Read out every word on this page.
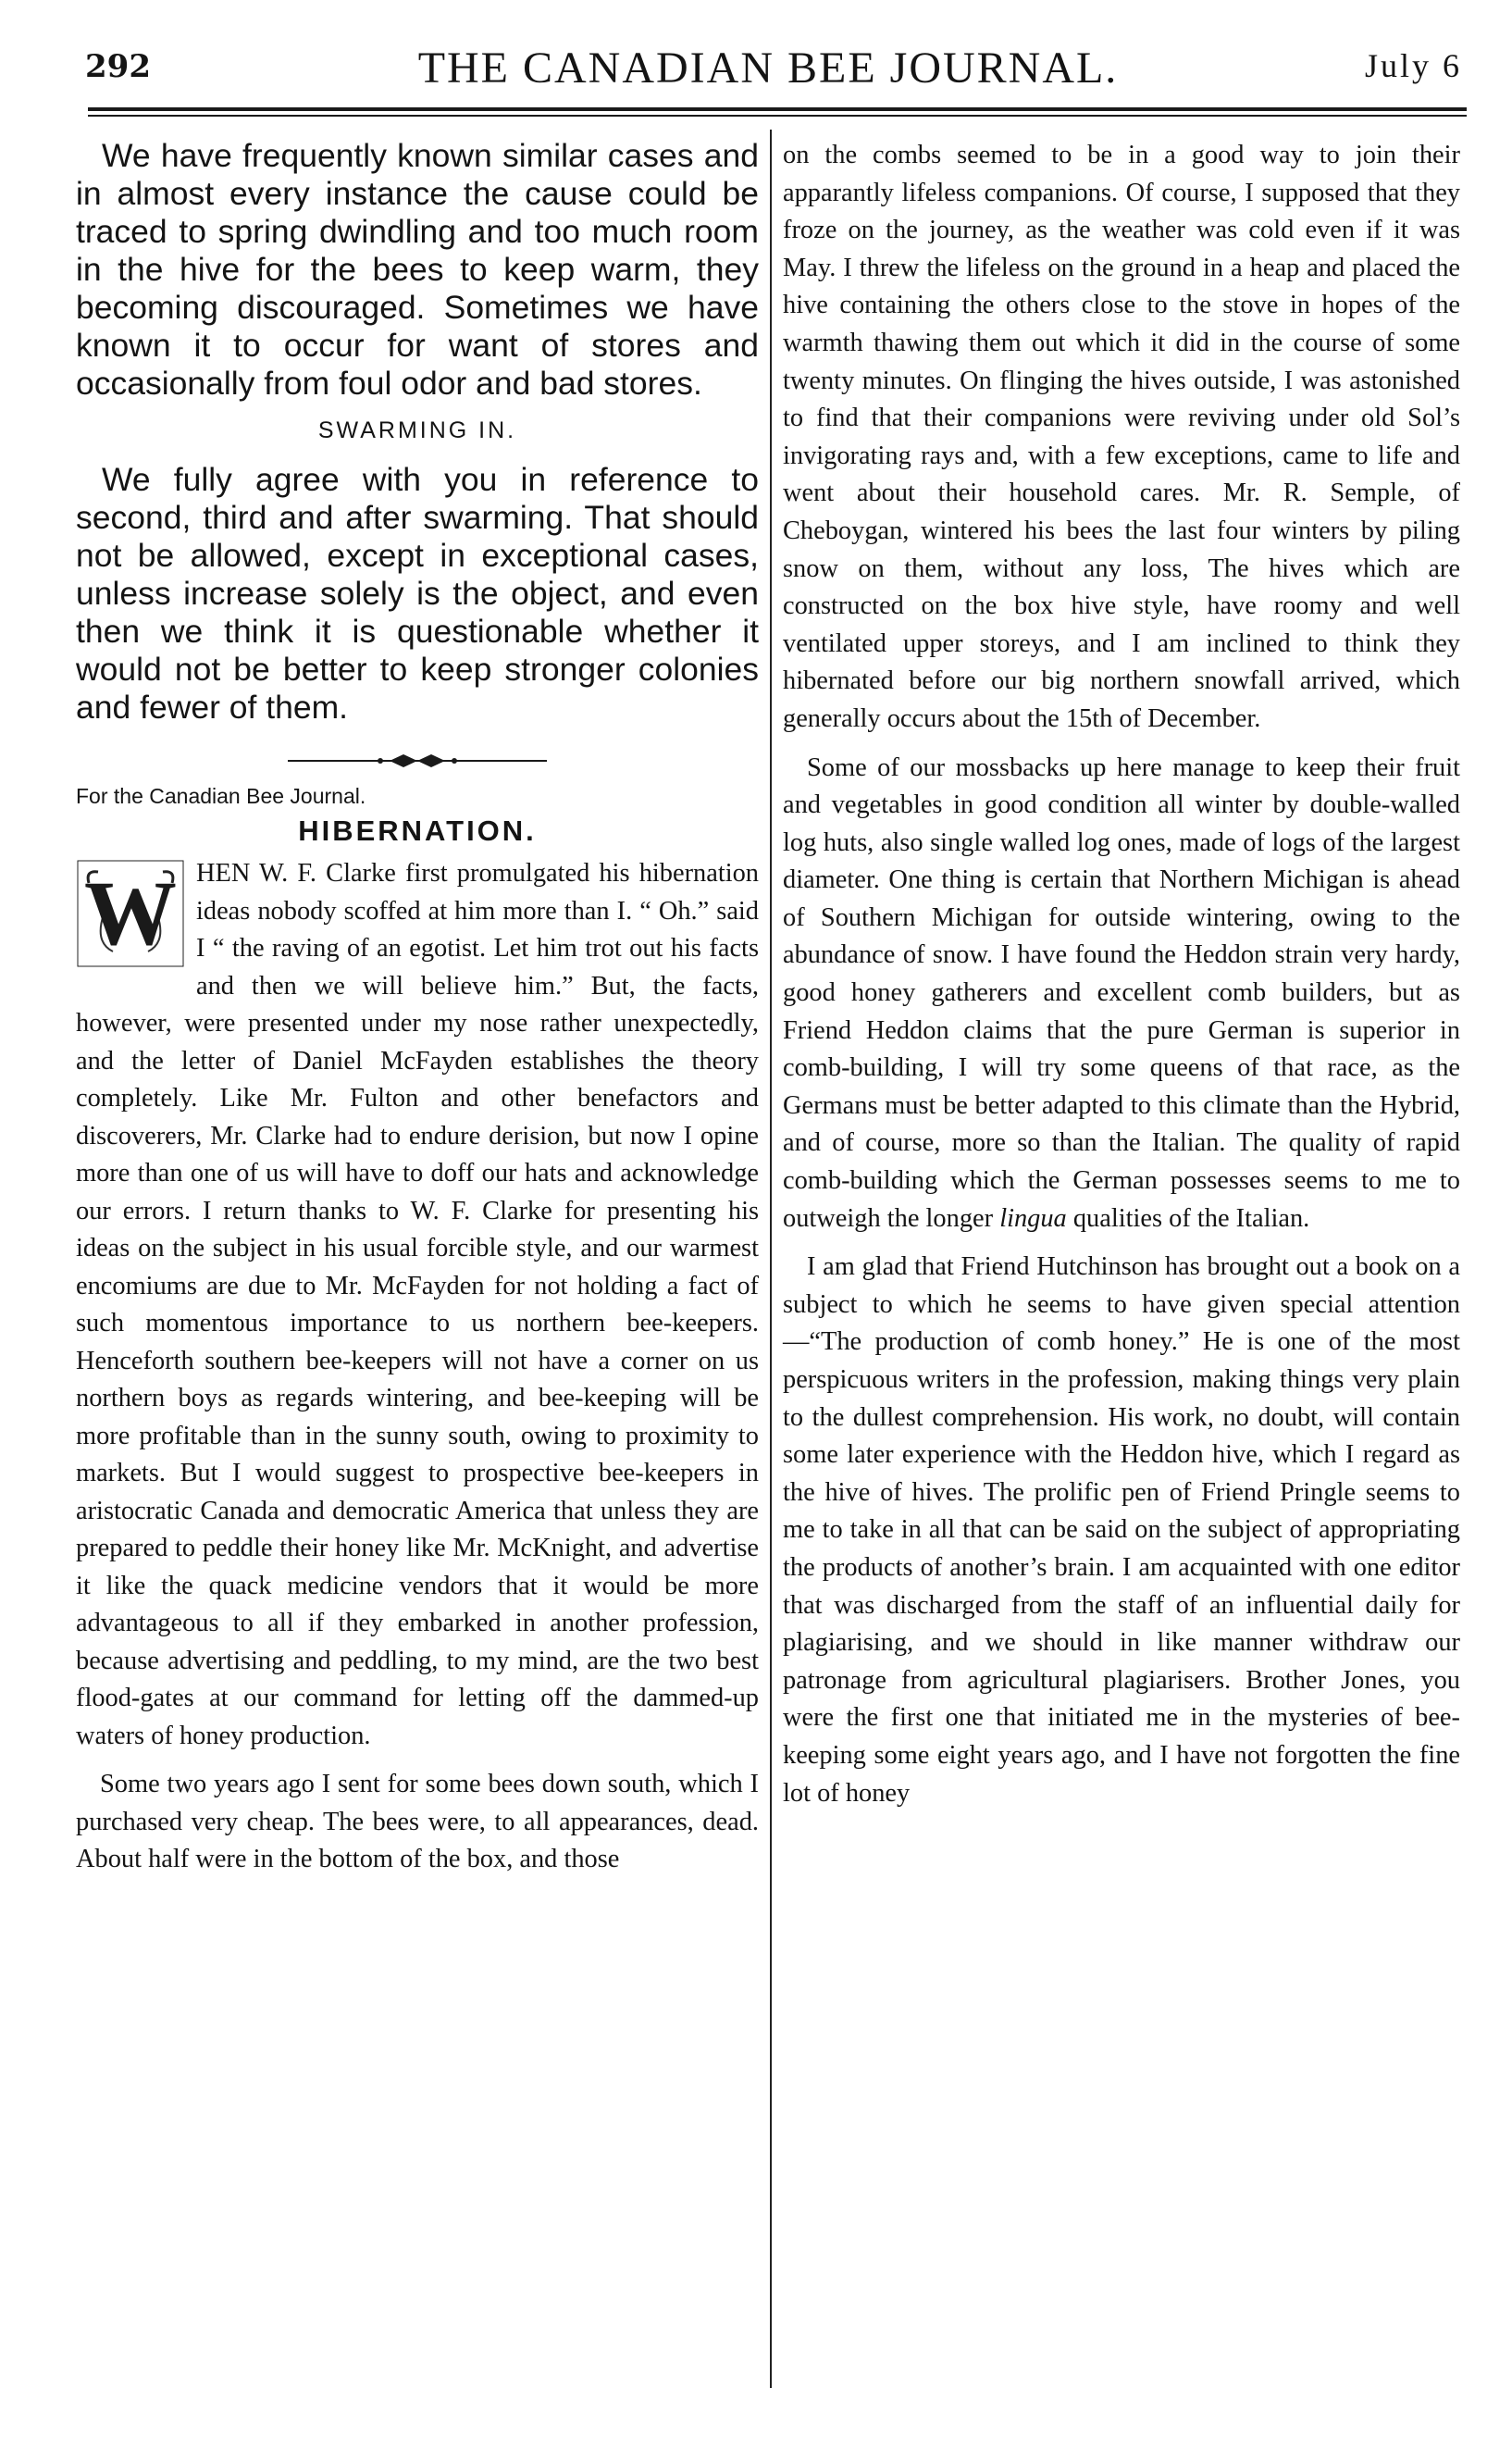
292	THE CANADIAN BEE JOURNAL.	July 6

We have frequently known similar cases and in almost every instance the cause could be traced to spring dwindling and too much room in the hive for the bees to keep warm, they becoming discouraged. Sometimes we have known it to occur for want of stores and occasionally from foul odor and bad stores.

SWARMING IN.

We fully agree with you in reference to second, third and after swarming. That should not be allowed, except in exceptional cases, unless increase solely is the object, and even then we think it is questionable whether it would not be better to keep stronger colonies and fewer of them.

For the Canadian Bee Journal.
HIBERNATION.

W HEN W. F. Clarke first promulgated his hibernation ideas nobody scoffed at him more than I. “ Oh.” said I “ the raving of an egotist. Let him trot out his facts and then we will believe him.” But, the facts, however, were presented under my nose rather unexpectedly, and the letter of Daniel McFayden establishes the theory completely. Like Mr. Fulton and other benefactors and discoverers, Mr. Clarke had to endure derision, but now I opine more than one of us will have to doff our hats and acknowledge our errors. I return thanks to W. F. Clarke for presenting his ideas on the subject in his usual forcible style, and our warmest encomiums are due to Mr. McFayden for not holding a fact of such momentous importance to us northern bee-keepers. Henceforth southern bee-keepers will not have a corner on us northern boys as regards wintering, and bee-keeping will be more profitable than in the sunny south, owing to proximity to markets. But I would suggest to prospective bee-keepers in aristocratic Canada and democratic America that unless they are prepared to peddle their honey like Mr. McKnight, and advertise it like the quack medicine vendors that it would be more advantageous to all if they embarked in another profession, because advertising and peddling, to my mind, are the two best flood-gates at our command for letting off the dammed-up waters of honey production.

Some two years ago I sent for some bees down south, which I purchased very cheap. The bees were, to all appearances, dead. About half were in the bottom of the box, and those

on the combs seemed to be in a good way to join their apparantly lifeless companions. Of course, I supposed that they froze on the journey, as the weather was cold even if it was May. I threw the lifeless on the ground in a heap and placed the hive containing the others close to the stove in hopes of the warmth thawing them out which it did in the course of some twenty minutes. On flinging the hives outside, I was astonished to find that their companions were reviving under old Sol’s invigorating rays and, with a few exceptions, came to life and went about their household cares. Mr. R. Semple, of Cheboygan, wintered his bees the last four winters by piling snow on them, without any loss, The hives which are constructed on the box hive style, have roomy and well ventilated upper storeys, and I am inclined to think they hibernated before our big northern snowfall arrived, which generally occurs about the 15th of December.

Some of our mossbacks up here manage to keep their fruit and vegetables in good condition all winter by double-walled log huts, also single walled log ones, made of logs of the largest diameter. One thing is certain that Northern Michigan is ahead of Southern Michigan for outside wintering, owing to the abundance of snow. I have found the Heddon strain very hardy, good honey gatherers and excellent comb builders, but as Friend Heddon claims that the pure German is superior in comb-building, I will try some queens of that race, as the Germans must be better adapted to this climate than the Hybrid, and of course, more so than the Italian. The quality of rapid comb-building which the German possesses seems to me to outweigh the longer lingua qualities of the Italian.

I am glad that Friend Hutchinson has brought out a book on a subject to which he seems to have given special attention—“The production of comb honey.” He is one of the most perspicuous writers in the profession, making things very plain to the dullest comprehension. His work, no doubt, will contain some later experience with the Heddon hive, which I regard as the hive of hives. The prolific pen of Friend Pringle seems to me to take in all that can be said on the subject of appropriating the products of another’s brain. I am acquainted with one editor that was discharged from the staff of an influential daily for plagiarising, and we should in like manner withdraw our patronage from agricultural plagiarisers. Brother Jones, you were the first one that initiated me in the mysteries of bee-keeping some eight years ago, and I have not forgotten the fine lot of honey
